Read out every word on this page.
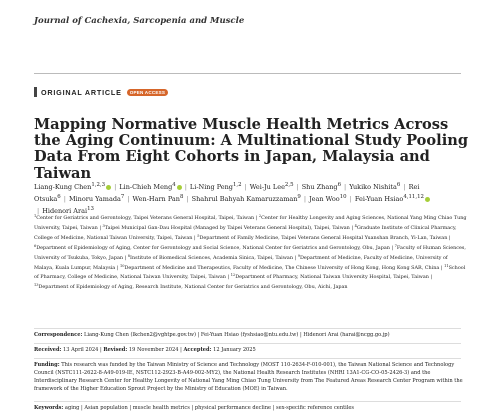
Journal of Cachexia, Sarcopenia and Muscle
ORIGINAL ARTICLE	OPEN ACCESS
Mapping Normative Muscle Health Metrics Across the Aging Continuum: A Multinational Study Pooling Data From Eight Cohorts in Japan, Malaysia and Taiwan

Liang-Kung Chen$^{1,2,3}$ | Lin-Chieh Meng$^4$ | Li-Ning Peng$^{1,2}$ | Wei-Ju Lee$^{2,5}$ | Shu Zhang$^6$ | Yukiko Nishita$^6$ | Rei Otsuka$^6$ | Minoru Yamada$^7$ | Wen-Harn Pan$^8$ | Shahrul Bahyah Kamaruzzaman$^9$ | Jean Woo$^{10}$ | Fei-Yuan Hsiao$^{4,11,12}$| Hidenori Arai$^{13}$

$^1$Center for Geriatrics and Gerontology, Taipei Veterans General Hospital, Taipei, Taiwan | $^2$Center for Healthy Longevity and Aging Sciences, National Yang Ming Chiao Tung University, Taipei, Taiwan | $^3$Taipei Municipal Gan-Dau Hospital (Managed by Taipei Veterans General Hospital), Taipei, Taiwan | $^4$Graduate Institute of Clinical Pharmacy, College of Medicine, National Taiwan University, Taipei, Taiwan | $^5$Department of Family Medicine, Taipei Veterans General Hospital Yuanshan Branch, Yi-Lan, Taiwan | $^6$Department of Epidemiology of Aging, Center for Gerontology and Social Science, National Center for Geriatrics and Gerontology, Obu, Japan | $^7$Faculty of Human Sciences, University of Tsukuba, Tokyo, Japan | $^8$Institute of Biomedical Sciences, Academia Sinica, Taipei, Taiwan | $^9$Department of Medicine, Faculty of Medicine, University of Malaya, Kuala Lumpur, Malaysia | $^{10}$Department of Medicine and Therapeutics, Faculty of Medicine, The Chinese University of Hong Kong, Hong Kong SAR, China | $^{11}$School of Pharmacy, College of Medicine, National Taiwan University, Taipei, Taiwan | $^{12}$Department of Pharmacy, National Taiwan University Hospital, Taipei, Taiwan | $^{13}$Department of Epidemiology of Aging, Research Institute, National Center for Geriatrics and Gerontology, Obu, Aichi, Japan

Correspondence: Liang-Kung Chen (lkchen2@vghtpe.gov.tw) | Fei-Yuan Hsiao (fyshsiao@ntu.edu.tw) | Hidenori Arai (harai@ncgg.go.jp)

Received: 13 April 2024 | Revised: 19 November 2024 | Accepted: 12 January 2025

Funding: This research was funded by the Taiwan Ministry of Science and Technology (MOST 110-2634-F-010-001), the Taiwan National Science and Technology Council (NSTC111-2622-8-A49-019-IE, NSTC112-2923-B-A49-002-MY2), the National Health Research Institutes (NHRI 13A1-CG-CO-05-2426-3) and the Interdisciplinary Research Center for Healthy Longevity of National Yang Ming Chiao Tung University from The Featured Areas Research Center Program within the framework of the Higher Education Sprout Project by the Ministry of Education (MOE) in Taiwan.

Keywords: aging | Asian population | muscle health metrics | physical performance decline | sex-specific reference centiles
